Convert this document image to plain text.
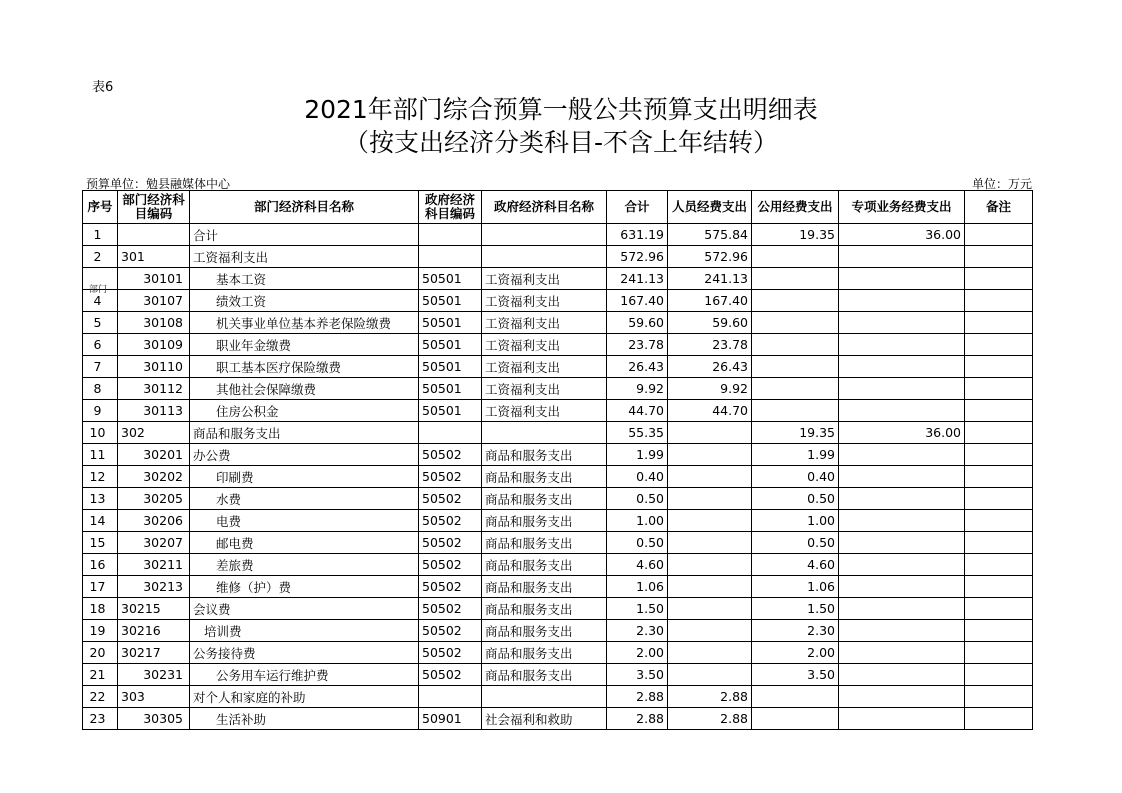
表6
2021年部门综合预算一般公共预算支出明细表
（按支出经济分类科目-不含上年结转）
预算单位：勉县融媒体中心	单位：万元
序号	部门经济科目编码	部门经济科目名称	政府经济科目编码	政府经济科目名称	合计	人员经费支出	公用经费支出	专项业务经费支出	备注
1		合计			631.19	575.84	19.35	36.00	
2	301	工资福利支出			572.96	572.96			

部门	30101	基本工资	50501	工资福利支出	241.13	241.13			
4	30107	绩效工资	50501	工资福利支出	167.40	167.40			
5	30108	机关事业单位基本养老保险缴费	50501	工资福利支出	59.60	59.60			
6	30109	职业年金缴费	50501	工资福利支出	23.78	23.78			
7	30110	职工基本医疗保险缴费	50501	工资福利支出	26.43	26.43			
8	30112	其他社会保障缴费	50501	工资福利支出	9.92	9.92			
9	30113	住房公积金	50501	工资福利支出	44.70	44.70			
10	302	商品和服务支出			55.35		19.35	36.00	
11	30201	办公费	50502	商品和服务支出	1.99		1.99		
12	30202	印刷费	50502	商品和服务支出	0.40		0.40		
13	30205	水费	50502	商品和服务支出	0.50		0.50		
14	30206	电费	50502	商品和服务支出	1.00		1.00		
15	30207	邮电费	50502	商品和服务支出	0.50		0.50		
16	30211	差旅费	50502	商品和服务支出	4.60		4.60		
17	30213	维修（护）费	50502	商品和服务支出	1.06		1.06		
18	30215	会议费	50502	商品和服务支出	1.50		1.50		
19	30216	培训费	50502	商品和服务支出	2.30		2.30		
20	30217	公务接待费	50502	商品和服务支出	2.00		2.00		
21	30231	公务用车运行维护费	50502	商品和服务支出	3.50		3.50		
22	303	对个人和家庭的补助			2.88	2.88			
23	30305	生活补助	50901	社会福利和救助	2.88	2.88			
